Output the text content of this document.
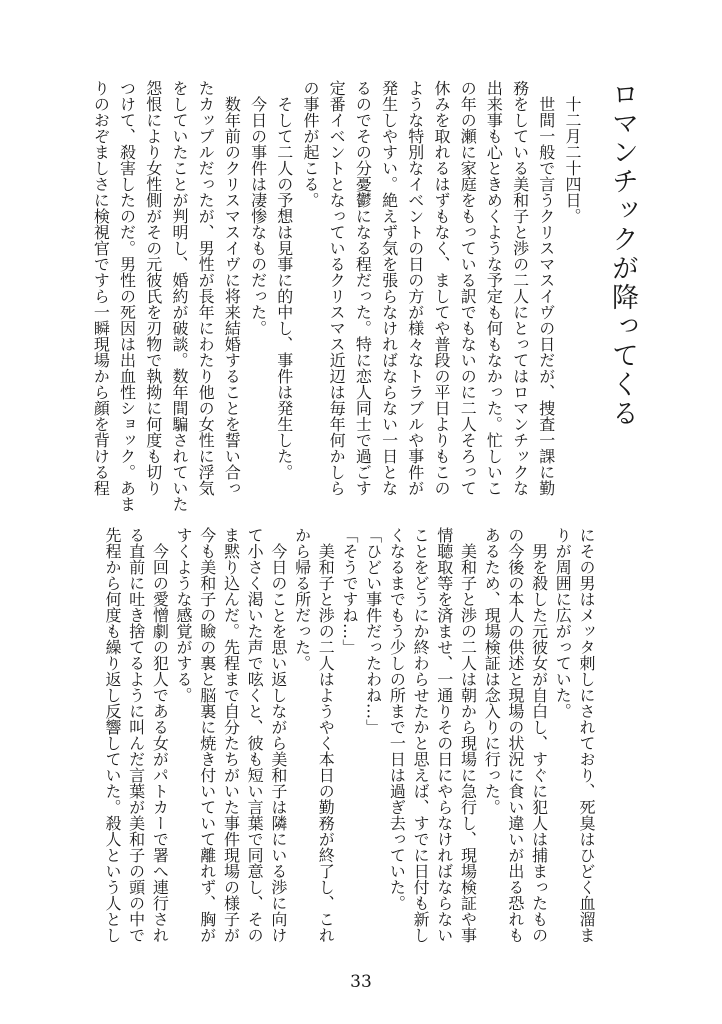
ロマンチックが降ってくる
　十二月二十四日。
　世間一般で言うクリスマスイヴの日だが、捜査一課に勤
務をしている美和子と渉の二人にとってはロマンチックな
出来事も心ときめくような予定も何もなかった。忙しいこ
の年の瀬に家庭をもっている訳でもないのに二人そろって
休みを取れるはずもなく、ましてや普段の平日よりもこの
ような特別なイベントの日の方が様々なトラブルや事件が
発生しやすい。絶えず気を張らなければならない一日とな
るのでその分憂鬱になる程だった。特に恋人同士で過ごす
定番イベントとなっているクリスマス近辺は毎年何かしら
の事件が起こる。
　そして二人の予想は見事に的中し、事件は発生した。
　今日の事件は凄惨なものだった。
　数年前のクリスマスイヴに将来結婚することを誓い合っ
たカップルだったが、男性が長年にわたり他の女性に浮気
をしていたことが判明し、婚約が破談。数年間騙されていた
怨恨により女性側がその元彼氏を刃物で執拗に何度も切り
つけて、殺害したのだ。男性の死因は出血性ショック。あま
りのおぞましさに検視官ですら一瞬現場から顔を背ける程
にその男はメッタ刺しにされており、死臭はひどく血溜ま
りが周囲に広がっていた。
　男を殺した元彼女が自白し、すぐに犯人は捕まったもの
の今後の本人の供述と現場の状況に食い違いが出る恐れも
あるため、現場検証は念入りに行った。
　美和子と渉の二人は朝から現場に急行し、現場検証や事
情聴取等を済ませ、一通りその日にやらなければならない
ことをどうにか終わらせたかと思えば、すでに日付も新し
くなるまでもう少しの所まで一日は過ぎ去っていた。
「ひどい事件だったわね…」
「そうですね…」
　美和子と渉の二人はようやく本日の勤務が終了し、これ
から帰る所だった。
　今日のことを思い返しながら美和子は隣にいる渉に向け
て小さく渇いた声で呟くと、彼も短い言葉で同意し、その
ま黙り込んだ。先程まで自分たちがいた事件現場の様子が
今も美和子の瞼の裏と脳裏に焼き付いていて離れず、胸が
すくような感覚がする。
　今回の愛憎劇の犯人である女がパトカーで署へ連行され
る直前に吐き捨てるように叫んだ言葉が美和子の頭の中で
先程から何度も繰り返し反響していた。殺人という人とし
33
